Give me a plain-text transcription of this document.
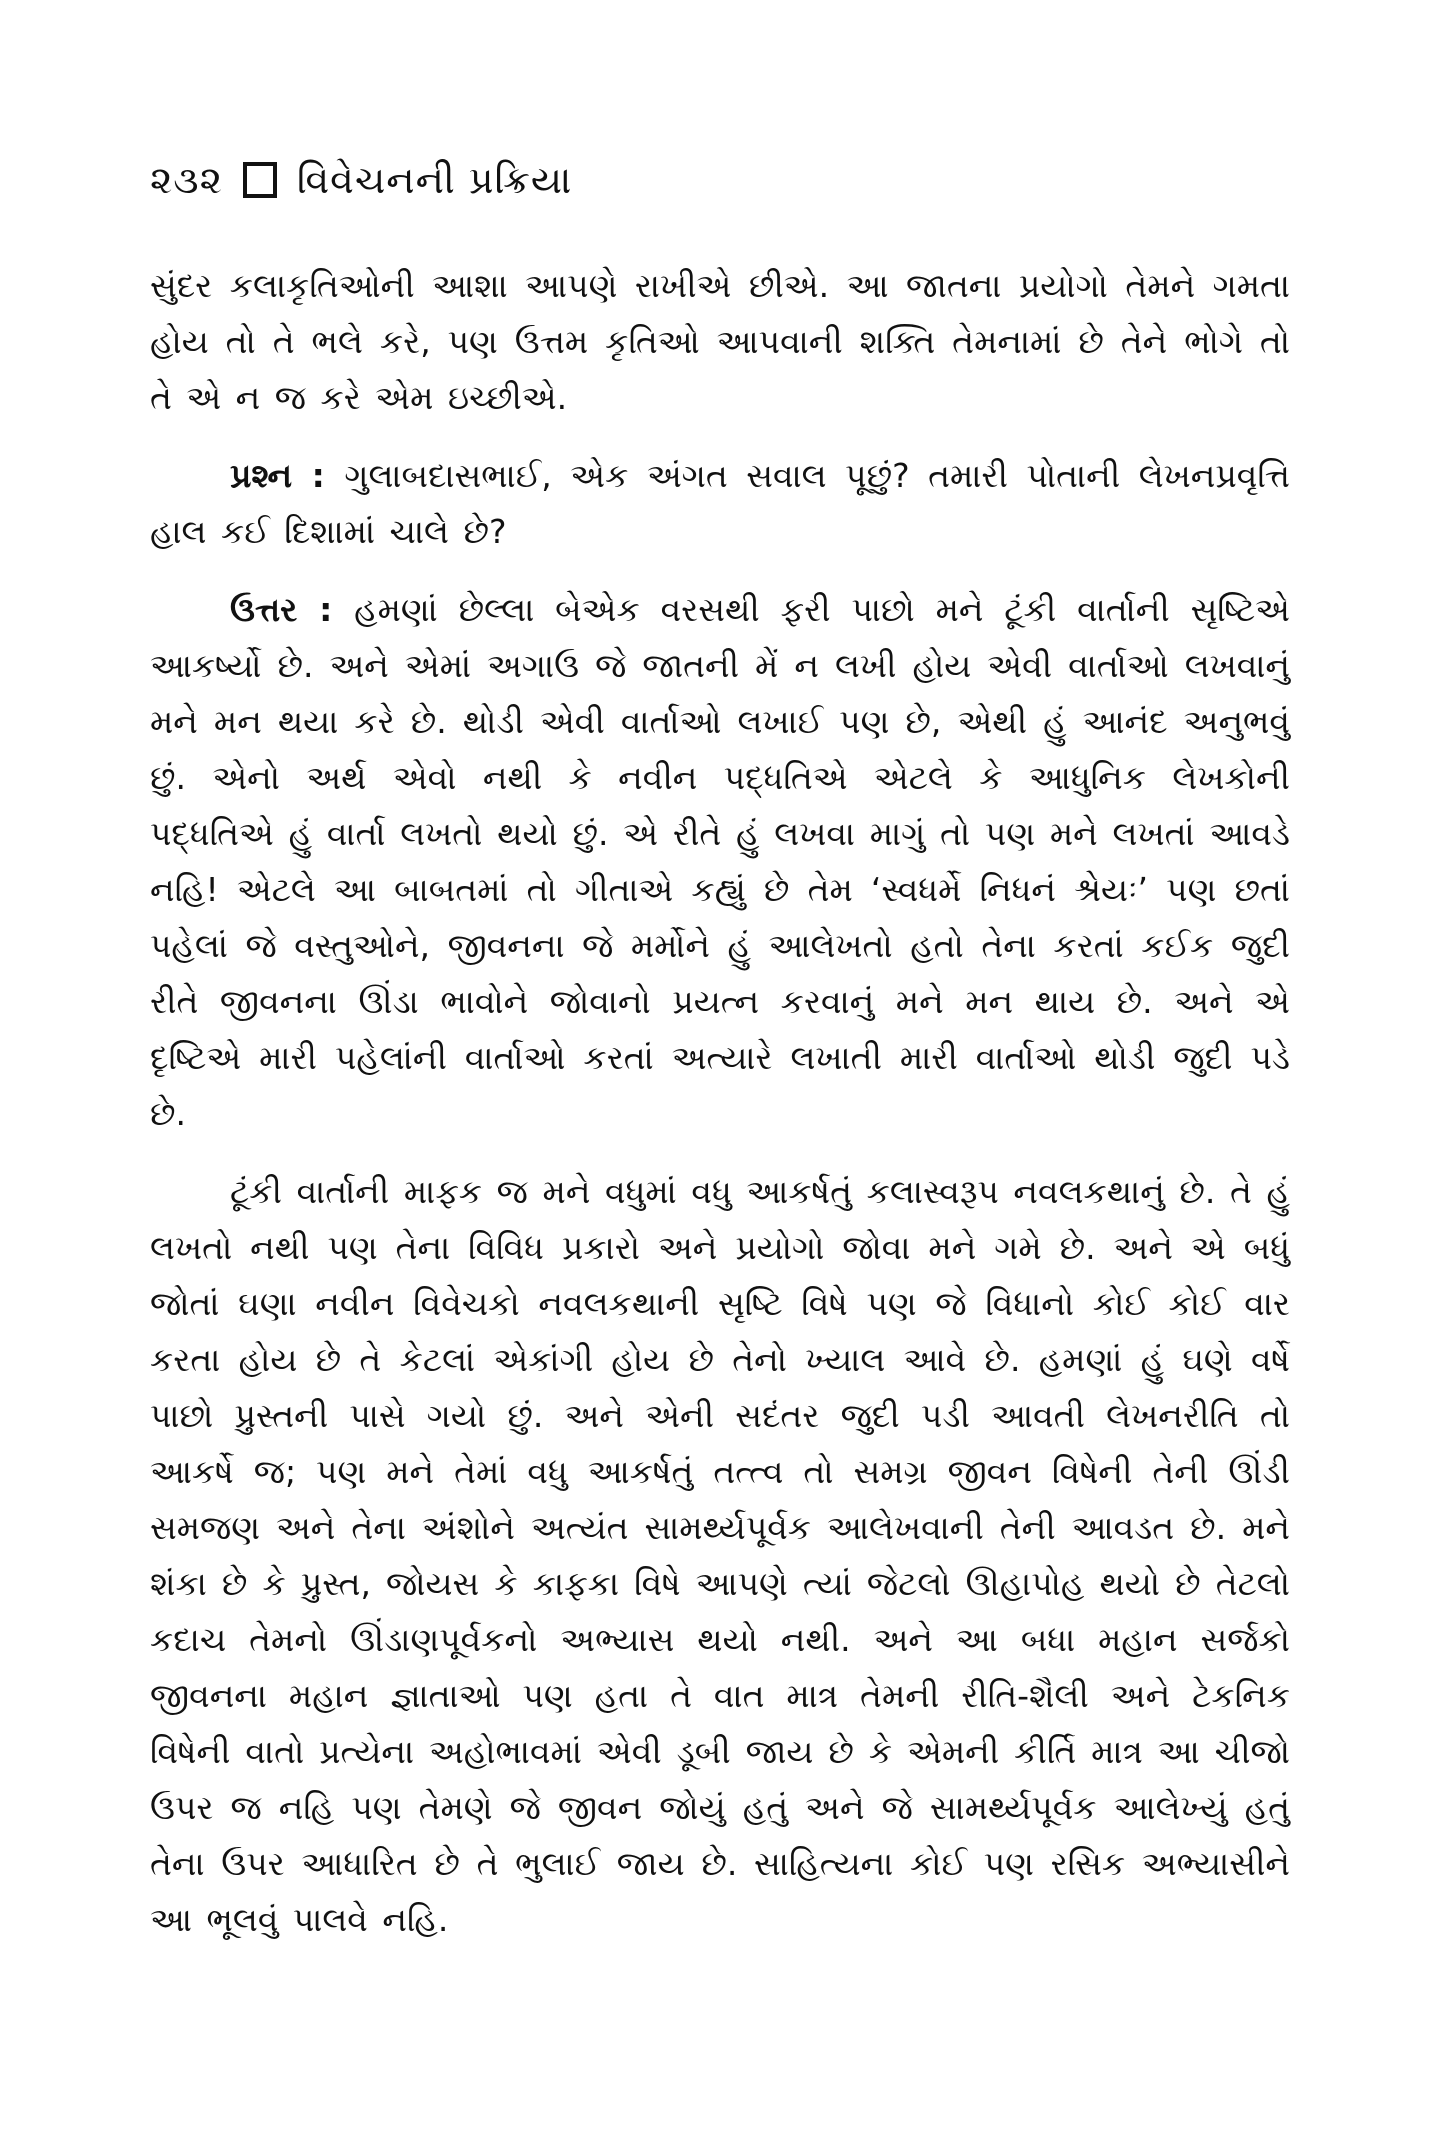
૨૩૨ વિવેચનની પ્રક્રિયા

સુંદર કલાકૃતિઓની આશા આપણે રાખીએ છીએ. આ જાતના પ્રયોગો તેમને ગમતા હોય તો તે ભલે કરે, પણ ઉત્તમ કૃતિઓ આપવાની શક્તિ તેમનામાં છે તેને ભોગે તો તે એ ન જ કરે એમ ઇચ્છીએ.

પ્રશ્ન : ગુલાબદાસભાઈ, એક અંગત સવાલ પૂછું? તમારી પોતાની લેખનપ્રવૃત્તિ હાલ કઈ દિશામાં ચાલે છે?

ઉત્તર : હમણાં છેલ્લા બેએક વરસથી ફરી પાછો મને ટૂંકી વાર્તાની સૃષ્ટિએ આકર્ષ્યો છે. અને એમાં અગાઉ જે જાતની મેં ન લખી હોય એવી વાર્તાઓ લખવાનું મને મન થયા કરે છે. થોડી એવી વાર્તાઓ લખાઈ પણ છે, એથી હું આનંદ અનુભવું છું. એનો અર્થ એવો નથી કે નવીન પદ્ધતિએ એટલે કે આધુનિક લેખકોની પદ્ધતિએ હું વાર્તા લખતો થયો છું. એ રીતે હું લખવા માગું તો પણ મને લખતાં આવડે નહિ! એટલે આ બાબતમાં તો ગીતાએ કહ્યું છે તેમ ‘સ્વધર્મે નિધનં શ્રેયઃ’ પણ છતાં પહેલાં જે વસ્તુઓને, જીવનના જે મર્મોને હું આલેખતો હતો તેના કરતાં કઈક જુદી રીતે જીવનના ઊંડા ભાવોને જોવાનો પ્રયત્ન કરવાનું મને મન થાય છે. અને એ દૃષ્ટિએ મારી પહેલાંની વાર્તાઓ કરતાં અત્યારે લખાતી મારી વાર્તાઓ થોડી જુદી પડે છે.

ટૂંકી વાર્તાની માફક જ મને વધુમાં વધુ આકર્ષતું કલાસ્વરૂપ નવલકથાનું છે. તે હું લખતો નથી પણ તેના વિવિધ પ્રકારો અને પ્રયોગો જોવા મને ગમે છે. અને એ બધું જોતાં ઘણા નવીન વિવેચકો નવલકથાની સૃષ્ટિ વિષે પણ જે વિધાનો કોઈ કોઈ વાર કરતા હોય છે તે કેટલાં એકાંગી હોય છે તેનો ખ્યાલ આવે છે. હમણાં હું ઘણે વર્ષે પાછો પ્રુસ્તની પાસે ગયો છું. અને એની સદંતર જુદી પડી આવતી લેખનરીતિ તો આકર્ષે જ; પણ મને તેમાં વધુ આકર્ષતું તત્ત્વ તો સમગ્ર જીવન વિષેની તેની ઊંડી સમજણ અને તેના અંશોને અત્યંત સામર્થ્યપૂર્વક આલેખવાની તેની આવડત છે. મને શંકા છે કે પ્રુસ્ત, જોયસ કે કાફકા વિષે આપણે ત્યાં જેટલો ઊહાપોહ થયો છે તેટલો કદાચ તેમનો ઊંડાણપૂર્વકનો અભ્યાસ થયો નથી. અને આ બધા મહાન સર્જકો જીવનના મહાન જ્ઞાતાઓ પણ હતા તે વાત માત્ર તેમની રીતિ-શૈલી અને ટેકનિક વિષેની વાતો પ્રત્યેના અહોભાવમાં એવી ડૂબી જાય છે કે એમની કીર્તિ માત્ર આ ચીજો ઉપર જ નહિ પણ તેમણે જે જીવન જોયું હતું અને જે સામર્થ્યપૂર્વક આલેખ્યું હતું તેના ઉપર આધારિત છે તે ભુલાઈ જાય છે. સાહિત્યના કોઈ પણ રસિક અભ્યાસીને આ ભૂલવું પાલવે નહિ.
